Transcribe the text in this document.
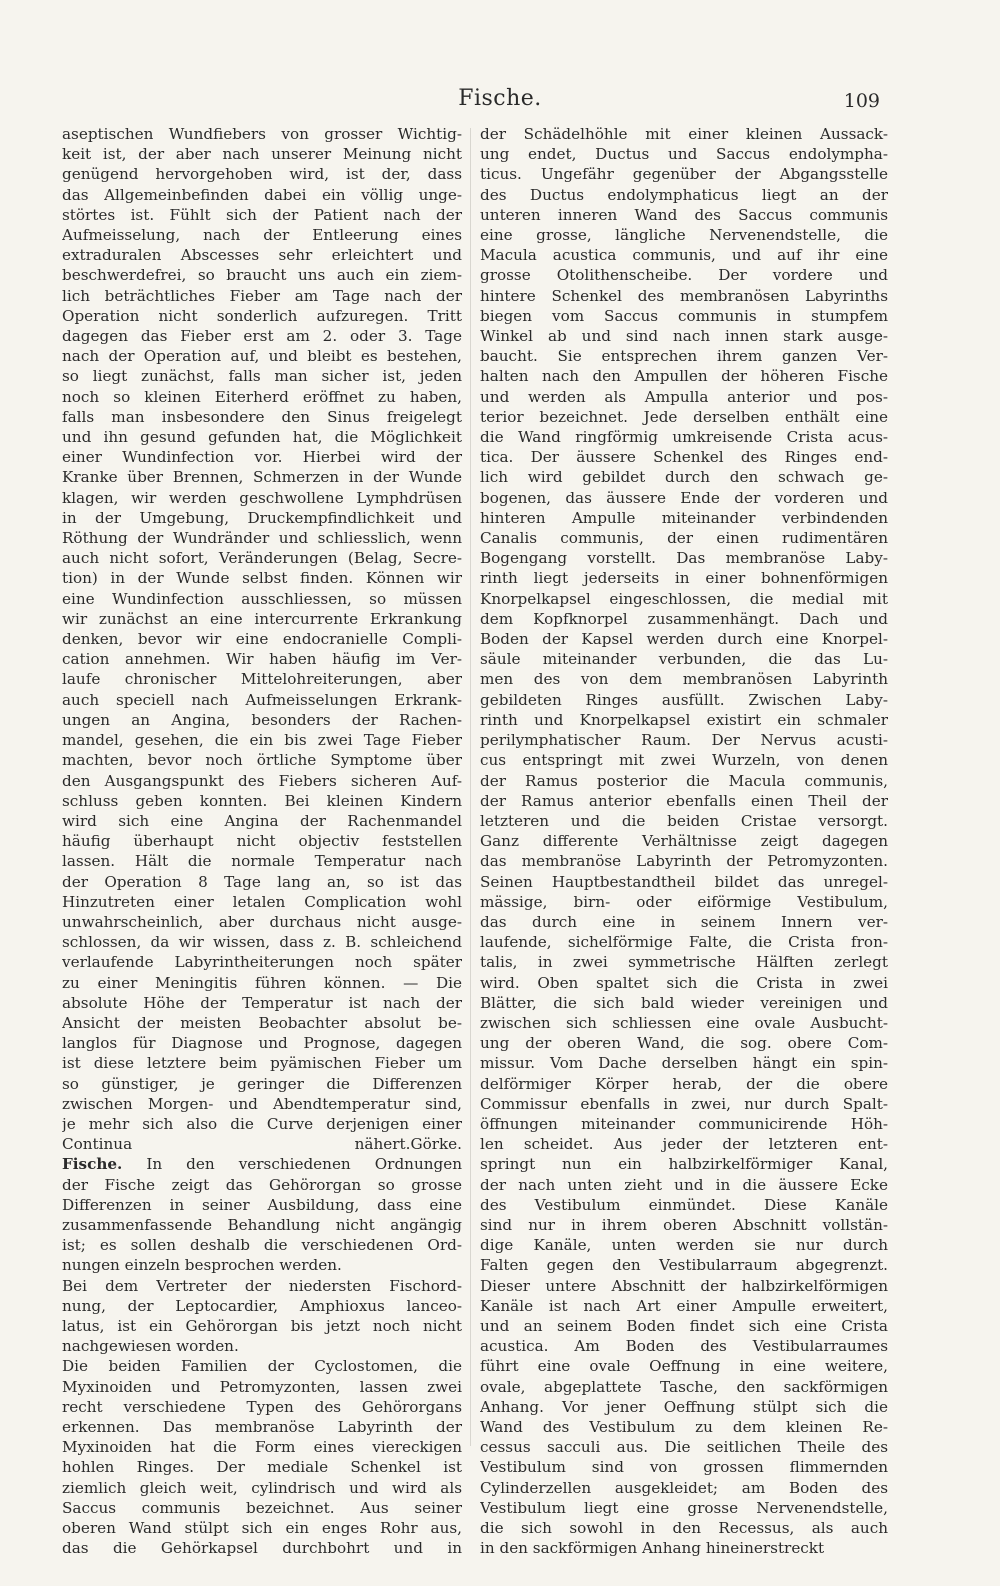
Fische.	109
aseptischen Wundfiebers von grosser Wichtig-
keit ist, der aber nach unserer Meinung nicht
genügend hervorgehoben wird, ist der, dass
das Allgemeinbefinden dabei ein völlig unge-
störtes ist. Fühlt sich der Patient nach der
Aufmeisselung, nach der Entleerung eines
extraduralen Abscesses sehr erleichtert und
beschwerdefrei, so braucht uns auch ein ziem-
lich beträchtliches Fieber am Tage nach der
Operation nicht sonderlich aufzuregen. Tritt
dagegen das Fieber erst am 2. oder 3. Tage
nach der Operation auf, und bleibt es bestehen,
so liegt zunächst, falls man sicher ist, jeden
noch so kleinen Eiterherd eröffnet zu haben,
falls man insbesondere den Sinus freigelegt
und ihn gesund gefunden hat, die Möglichkeit
einer Wundinfection vor. Hierbei wird der
Kranke über Brennen, Schmerzen in der Wunde
klagen, wir werden geschwollene Lymphdrüsen
in der Umgebung, Druckempfindlichkeit und
Röthung der Wundränder und schliesslich, wenn
auch nicht sofort, Veränderungen (Belag, Secre-
tion) in der Wunde selbst finden. Können wir
eine Wundinfection ausschliessen, so müssen
wir zunächst an eine intercurrente Erkrankung
denken, bevor wir eine endocranielle Compli-
cation annehmen. Wir haben häufig im Ver-
laufe chronischer Mittelohreiterungen, aber
auch speciell nach Aufmeisselungen Erkrank-
ungen an Angina, besonders der Rachen-
mandel, gesehen, die ein bis zwei Tage Fieber
machten, bevor noch örtliche Symptome über
den Ausgangspunkt des Fiebers sicheren Auf-
schluss geben konnten. Bei kleinen Kindern
wird sich eine Angina der Rachenmandel
häufig überhaupt nicht objectiv feststellen
lassen. Hält die normale Temperatur nach
der Operation 8 Tage lang an, so ist das
Hinzutreten einer letalen Complication wohl
unwahrscheinlich, aber durchaus nicht ausge-
schlossen, da wir wissen, dass z. B. schleichend
verlaufende Labyrintheiterungen noch später
zu einer Meningitis führen können. — Die
absolute Höhe der Temperatur ist nach der
Ansicht der meisten Beobachter absolut be-
langlos für Diagnose und Prognose, dagegen
ist diese letztere beim pyämischen Fieber um
so günstiger, je geringer die Differenzen
zwischen Morgen- und Abendtemperatur sind,
je mehr sich also die Curve derjenigen einer
Continua nähert. Görke.
Fische. In den verschiedenen Ordnungen
der Fische zeigt das Gehörorgan so grosse
Differenzen in seiner Ausbildung, dass eine
zusammenfassende Behandlung nicht angängig
ist; es sollen deshalb die verschiedenen Ord-
nungen einzeln besprochen werden.
Bei dem Vertreter der niedersten Fischord-
nung, der Leptocardier, Amphioxus lanceo-
latus, ist ein Gehörorgan bis jetzt noch nicht
nachgewiesen worden.
Die beiden Familien der Cyclostomen, die
Myxinoiden und Petromyzonten, lassen zwei
recht verschiedene Typen des Gehörorgans
erkennen. Das membranöse Labyrinth der
Myxinoiden hat die Form eines viereckigen
hohlen Ringes. Der mediale Schenkel ist
ziemlich gleich weit, cylindrisch und wird als
Saccus communis bezeichnet. Aus seiner
oberen Wand stülpt sich ein enges Rohr aus,
das die Gehörkapsel durchbohrt und in
der Schädelhöhle mit einer kleinen Aussack-
ung endet, Ductus und Saccus endolympha-
ticus. Ungefähr gegenüber der Abgangsstelle
des Ductus endolymphaticus liegt an der
unteren inneren Wand des Saccus communis
eine grosse, längliche Nervenendstelle, die
Macula acustica communis, und auf ihr eine
grosse Otolithenscheibe. Der vordere und
hintere Schenkel des membranösen Labyrinths
biegen vom Saccus communis in stumpfem
Winkel ab und sind nach innen stark ausge-
baucht. Sie entsprechen ihrem ganzen Ver-
halten nach den Ampullen der höheren Fische
und werden als Ampulla anterior und pos-
terior bezeichnet. Jede derselben enthält eine
die Wand ringförmig umkreisende Crista acus-
tica. Der äussere Schenkel des Ringes end-
lich wird gebildet durch den schwach ge-
bogenen, das äussere Ende der vorderen und
hinteren Ampulle miteinander verbindenden
Canalis communis, der einen rudimentären
Bogengang vorstellt. Das membranöse Laby-
rinth liegt jederseits in einer bohnenförmigen
Knorpelkapsel eingeschlossen, die medial mit
dem Kopfknorpel zusammenhängt. Dach und
Boden der Kapsel werden durch eine Knorpel-
säule miteinander verbunden, die das Lu-
men des von dem membranösen Labyrinth
gebildeten Ringes ausfüllt. Zwischen Laby-
rinth und Knorpelkapsel existirt ein schmaler
perilymphatischer Raum. Der Nervus acusti-
cus entspringt mit zwei Wurzeln, von denen
der Ramus posterior die Macula communis,
der Ramus anterior ebenfalls einen Theil der
letzteren und die beiden Cristae versorgt.
Ganz differente Verhältnisse zeigt dagegen
das membranöse Labyrinth der Petromyzonten.
Seinen Hauptbestandtheil bildet das unregel-
mässige, birn- oder eiförmige Vestibulum,
das durch eine in seinem Innern ver-
laufende, sichelförmige Falte, die Crista fron-
talis, in zwei symmetrische Hälften zerlegt
wird. Oben spaltet sich die Crista in zwei
Blätter, die sich bald wieder vereinigen und
zwischen sich schliessen eine ovale Ausbucht-
ung der oberen Wand, die sog. obere Com-
missur. Vom Dache derselben hängt ein spin-
delförmiger Körper herab, der die obere
Commissur ebenfalls in zwei, nur durch Spalt-
öffnungen miteinander communicirende Höh-
len scheidet. Aus jeder der letzteren ent-
springt nun ein halbzirkelförmiger Kanal,
der nach unten zieht und in die äussere Ecke
des Vestibulum einmündet. Diese Kanäle
sind nur in ihrem oberen Abschnitt vollstän-
dige Kanäle, unten werden sie nur durch
Falten gegen den Vestibularraum abgegrenzt.
Dieser untere Abschnitt der halbzirkelförmigen
Kanäle ist nach Art einer Ampulle erweitert,
und an seinem Boden findet sich eine Crista
acustica. Am Boden des Vestibularraumes
führt eine ovale Oeffnung in eine weitere,
ovale, abgeplattete Tasche, den sackförmigen
Anhang. Vor jener Oeffnung stülpt sich die
Wand des Vestibulum zu dem kleinen Re-
cessus sacculi aus. Die seitlichen Theile des
Vestibulum sind von grossen flimmernden
Cylinderzellen ausgekleidet; am Boden des
Vestibulum liegt eine grosse Nervenendstelle,
die sich sowohl in den Recessus, als auch
in den sackförmigen Anhang hineinerstreckt
